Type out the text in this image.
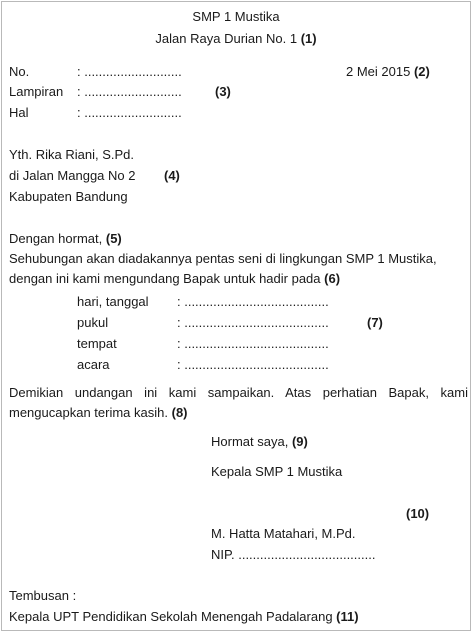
SMP 1 Mustika
Jalan Raya Durian No. 1 (1)
No.	: ...........................	2 Mei 2015 (2)
Lampiran : ...........................	(3)
Hal	: ...........................
Yth. Rika Riani, S.Pd.
di Jalan Mangga No 2 (4)
Kabupaten Bandung
Dengan hormat, (5)
Sehubungan akan diadakannya pentas seni di lingkungan SMP 1 Mustika,
dengan ini kami mengundang Bapak untuk hadir pada (6)
hari, tanggal : ........................................
pukul	: ........................................	(7)
tempat	: ........................................
acara	: ........................................
Demikian undangan ini kami sampaikan. Atas perhatian Bapak, kami
mengucapkan terima kasih. (8)
Hormat saya, (9)
Kepala SMP 1 Mustika
(10)
M. Hatta Matahari, M.Pd.
NIP. ......................................
Tembusan :
Kepala UPT Pendidikan Sekolah Menengah Padalarang (11)
